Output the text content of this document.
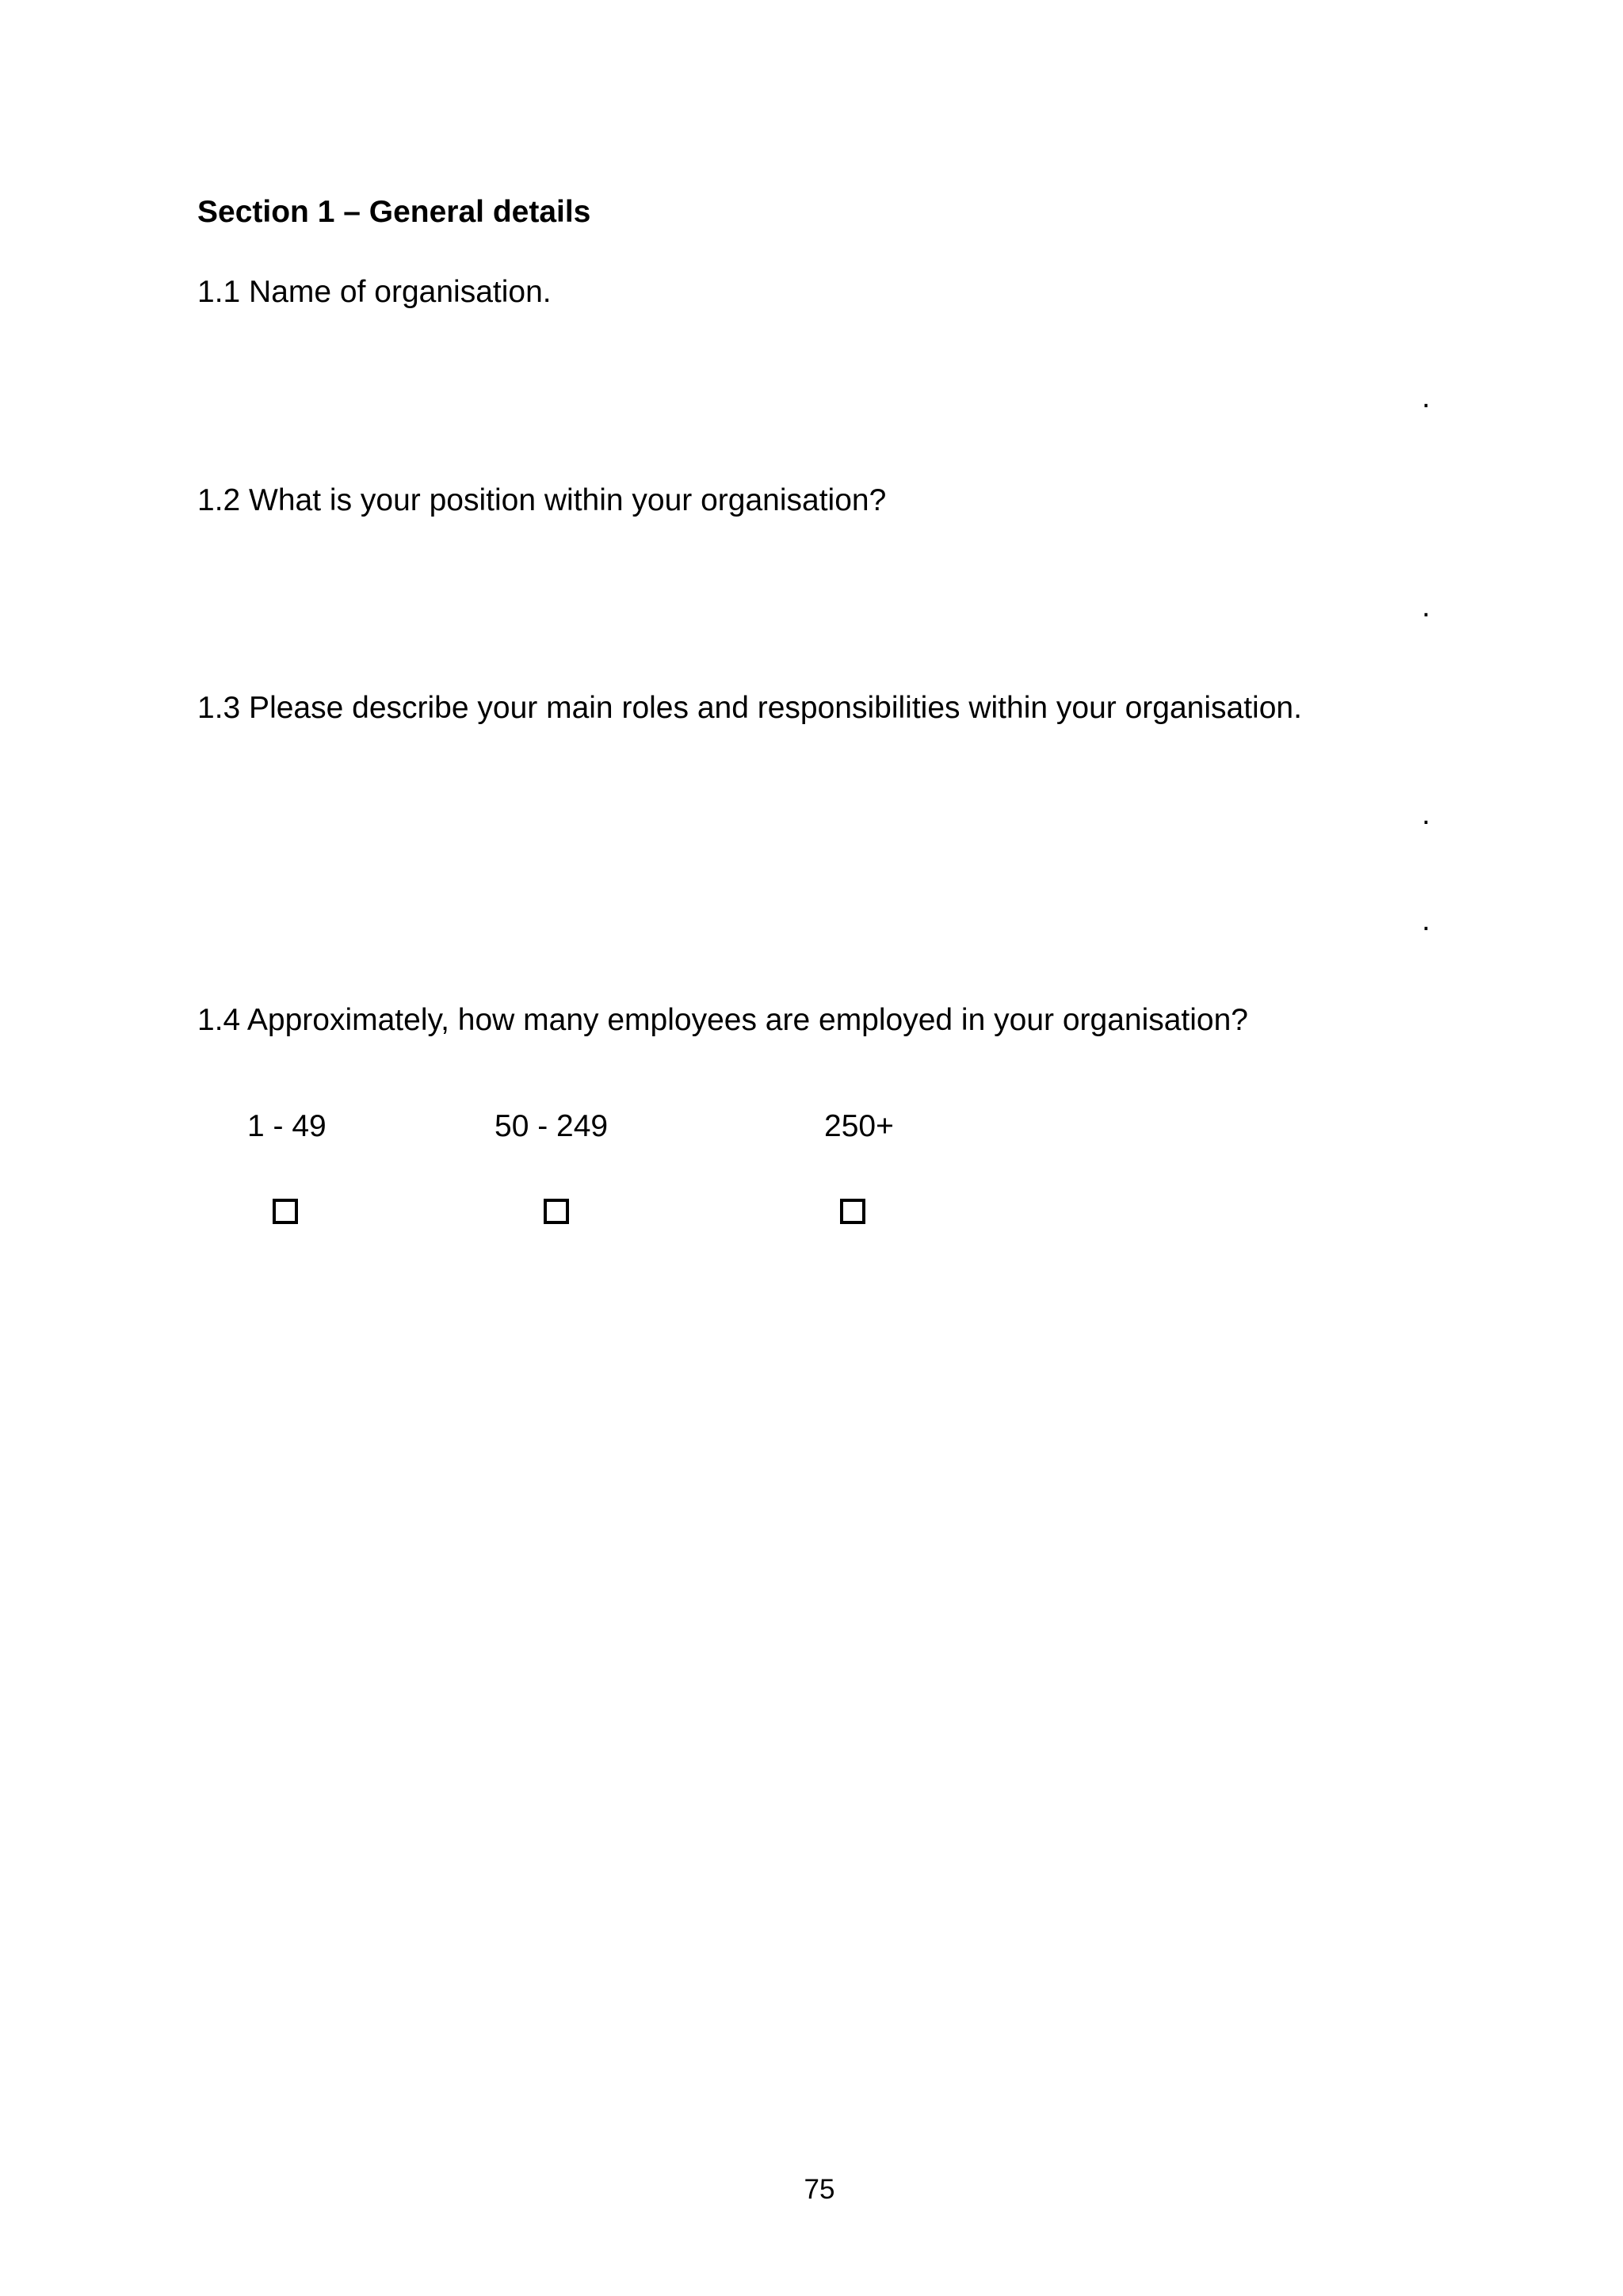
Section 1 – General details
1.1 Name of organisation.
.
1.2 What is your position within your organisation?
.
1.3 Please describe your main roles and responsibilities within your organisation.
.
.
1.4 Approximately, how many employees are employed in your organisation?
1 - 49	50 - 249	250+
75
